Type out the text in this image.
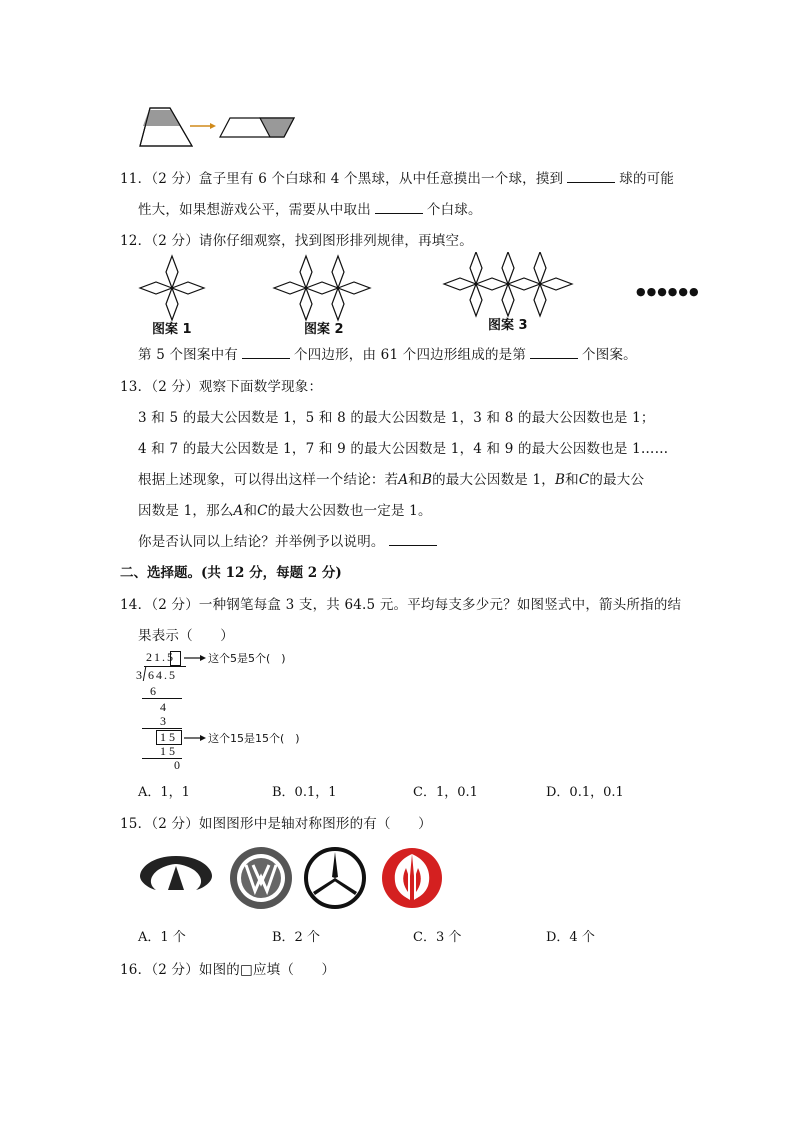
11．（2 分）盒子里有 6 个白球和 4 个黑球，从中任意摸出一个球，摸到	球的可能
性大，如果想游戏公平，需要从中取出	个白球。
12．（2 分）请你仔细观察，找到图形排列规律，再填空。
图案 1	图案 2	图案 3
●●●●●●
第 5 个图案中有	个四边形，由 61 个四边形组成的是第	个图案。
13．（2 分）观察下面数学现象：
3 和 5 的最大公因数是 1，5 和 8 的最大公因数是 1，3 和 8 的最大公因数也是 1；
4 和 7 的最大公因数是 1，7 和 9 的最大公因数是 1，4 和 9 的最大公因数也是 1……
根据上述现象，可以得出这样一个结论：若A和B的最大公因数是 1，B和C的最大公
因数是 1，那么A和C的最大公因数也一定是 1。
你是否认同以上结论？并举例予以说明。
二、选择题。(共 12 分，每题 2 分)
14．（2 分）一种钢笔每盒 3 支，共 64.5 元。平均每支多少元？如图竖式中，箭头所指的结
果表示（　　）
21.5	这个5是5个(　)
3 64.5
6
4
3
15	这个15是15个(　)
15
0
A．1，1	B．0.1，1	C．1，0.1	D．0.1，0.1
15．（2 分）如图图形中是轴对称图形的有（　　）
A．1 个	B．2 个	C．3 个	D．4 个
16．（2 分）如图的□应填（　　）
